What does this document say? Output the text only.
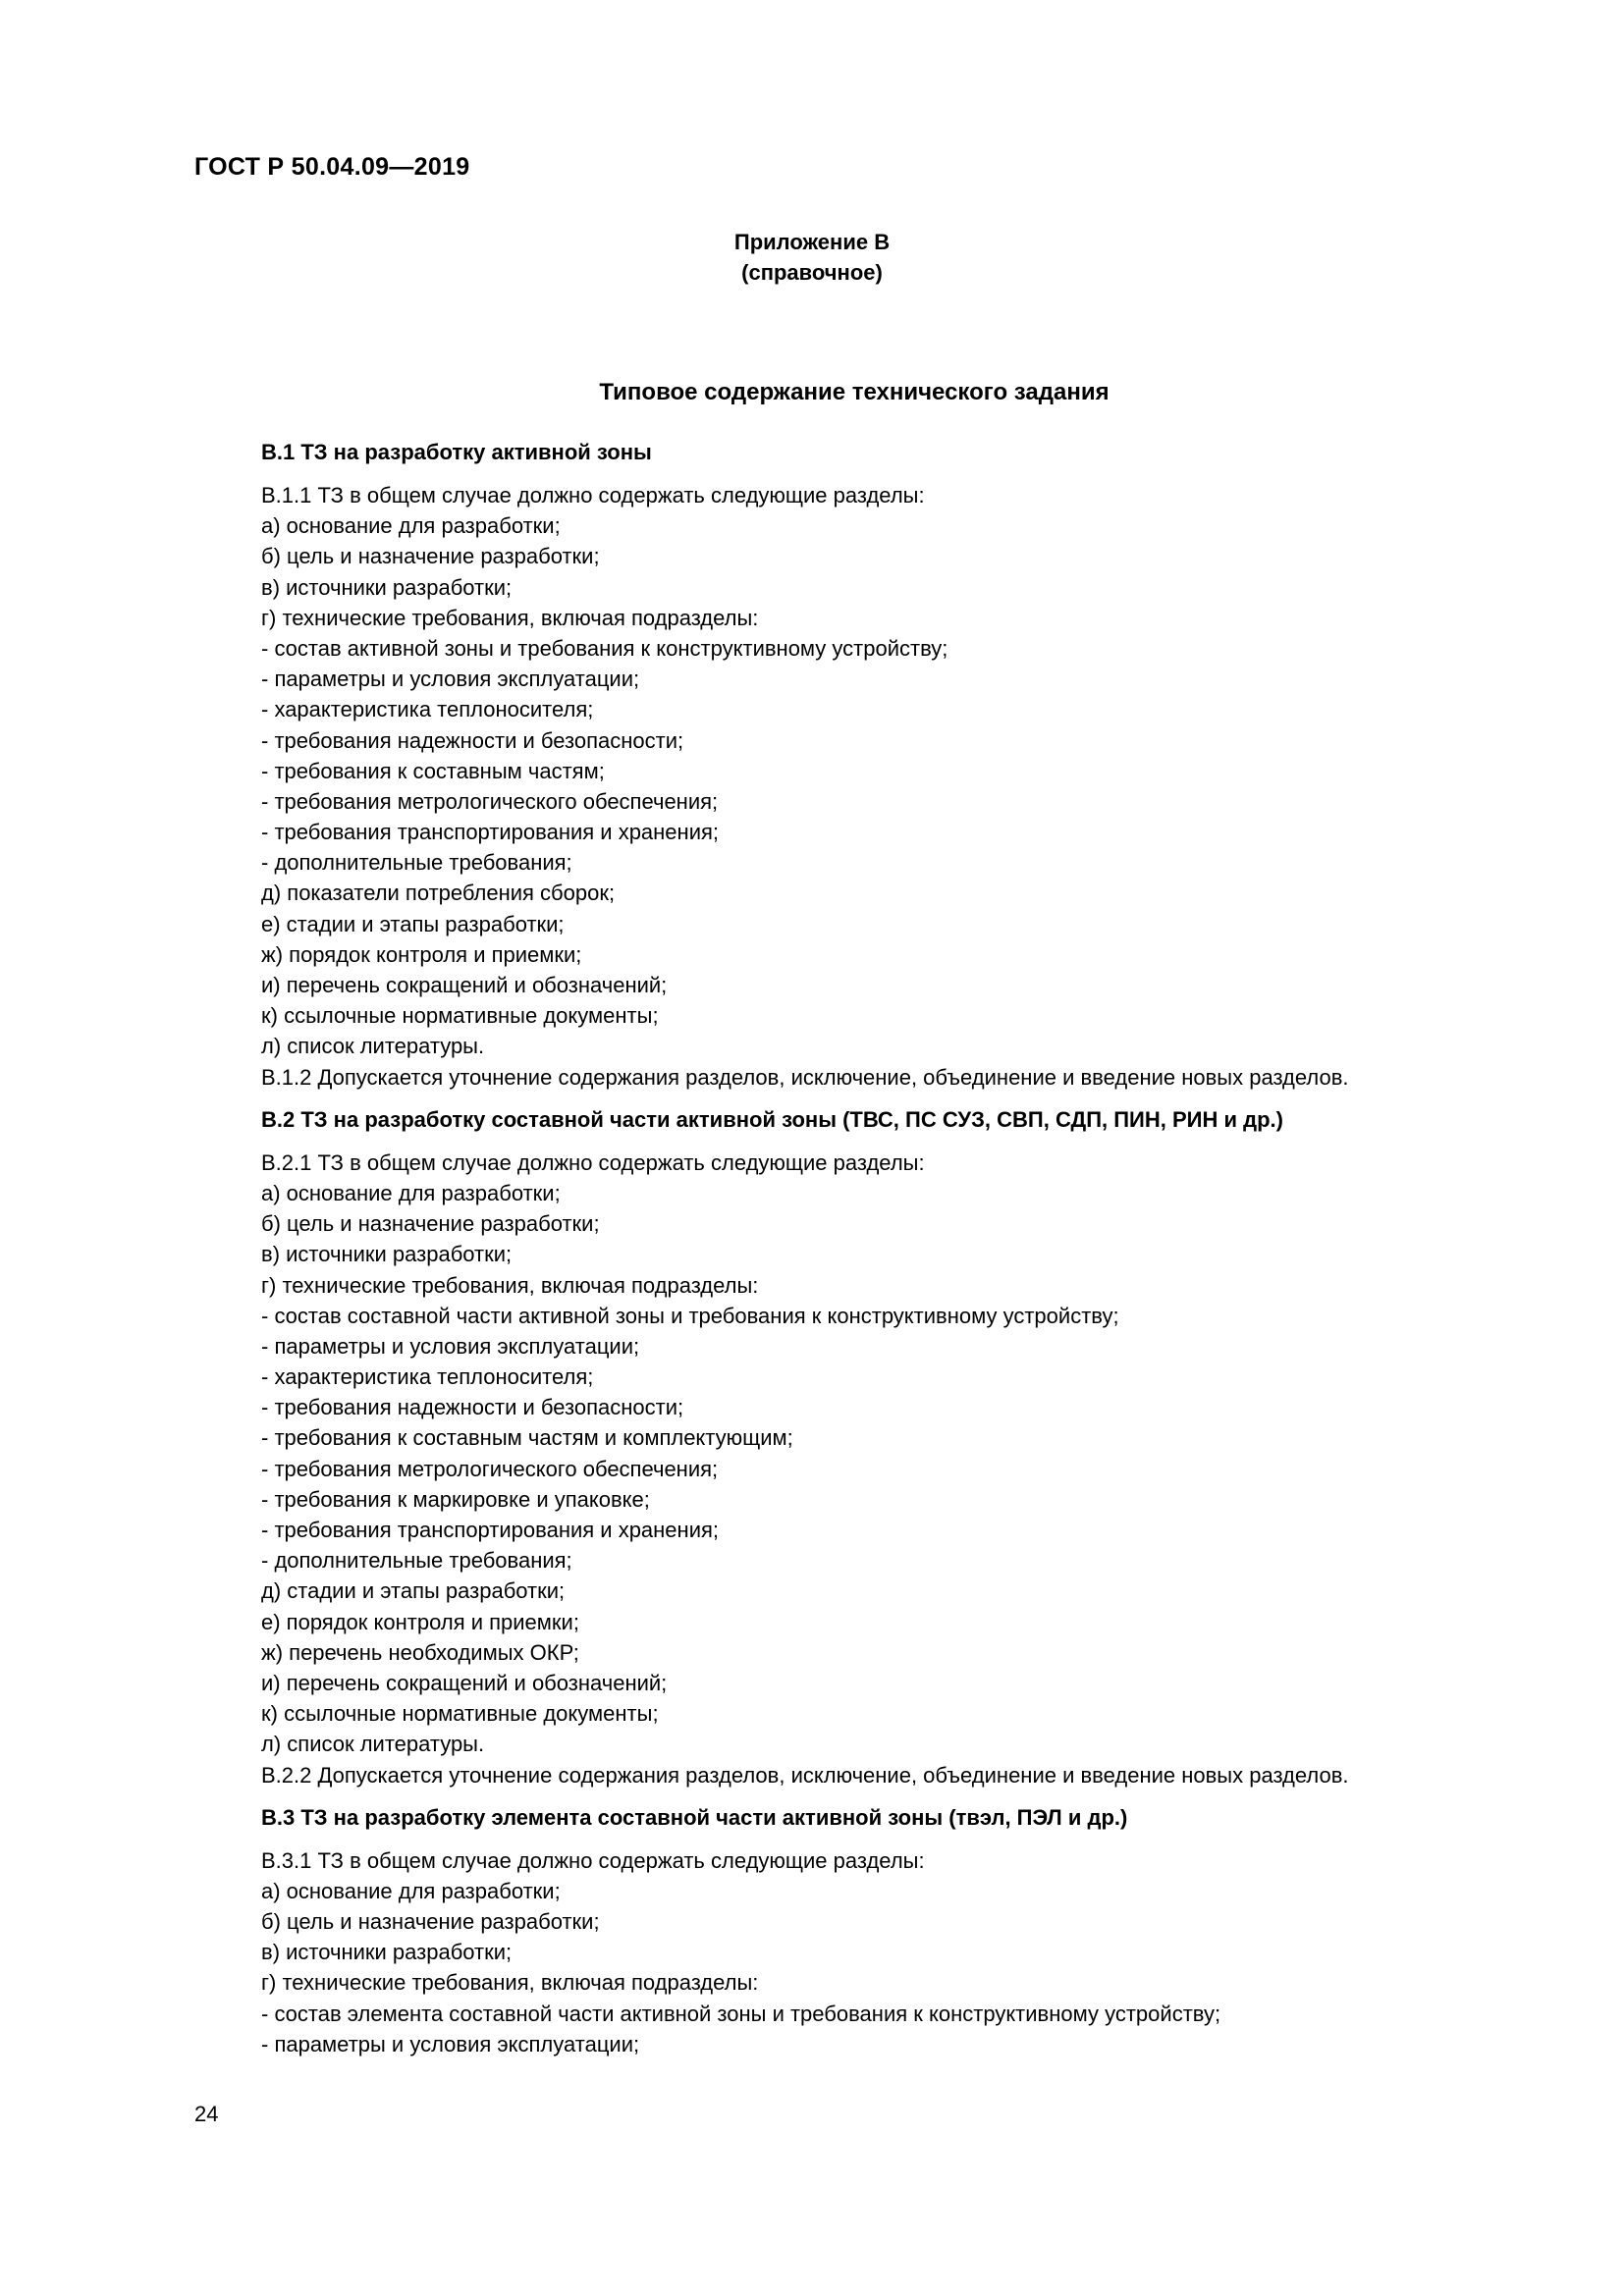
ГОСТ Р 50.04.09—2019
Приложение В
(справочное)
Типовое содержание технического задания
В.1 ТЗ на разработку активной зоны
В.1.1 ТЗ в общем случае должно содержать следующие разделы:
а) основание для разработки;
б) цель и назначение разработки;
в) источники разработки;
г) технические требования, включая подразделы:
- состав активной зоны и требования к конструктивному устройству;
- параметры и условия эксплуатации;
- характеристика теплоносителя;
- требования надежности и безопасности;
- требования к составным частям;
- требования метрологического обеспечения;
- требования транспортирования и хранения;
- дополнительные требования;
д) показатели потребления сборок;
е) стадии и этапы разработки;
ж) порядок контроля и приемки;
и) перечень сокращений и обозначений;
к) ссылочные нормативные документы;
л) список литературы.
В.1.2 Допускается уточнение содержания разделов, исключение, объединение и введение новых разделов.
В.2 ТЗ на разработку составной части активной зоны (ТВС, ПС СУЗ, СВП, СДП, ПИН, РИН и др.)
В.2.1 ТЗ в общем случае должно содержать следующие разделы:
а) основание для разработки;
б) цель и назначение разработки;
в) источники разработки;
г) технические требования, включая подразделы:
- состав составной части активной зоны и требования к конструктивному устройству;
- параметры и условия эксплуатации;
- характеристика теплоносителя;
- требования надежности и безопасности;
- требования к составным частям и комплектующим;
- требования метрологического обеспечения;
- требования к маркировке и упаковке;
- требования транспортирования и хранения;
- дополнительные требования;
д) стадии и этапы разработки;
е) порядок контроля и приемки;
ж) перечень необходимых ОКР;
и) перечень сокращений и обозначений;
к) ссылочные нормативные документы;
л) список литературы.
В.2.2 Допускается уточнение содержания разделов, исключение, объединение и введение новых разделов.
В.3 ТЗ на разработку элемента составной части активной зоны (твэл, ПЭЛ и др.)
В.3.1 ТЗ в общем случае должно содержать следующие разделы:
а) основание для разработки;
б) цель и назначение разработки;
в) источники разработки;
г) технические требования, включая подразделы:
- состав элемента составной части активной зоны и требования к конструктивному устройству;
- параметры и условия эксплуатации;
24
